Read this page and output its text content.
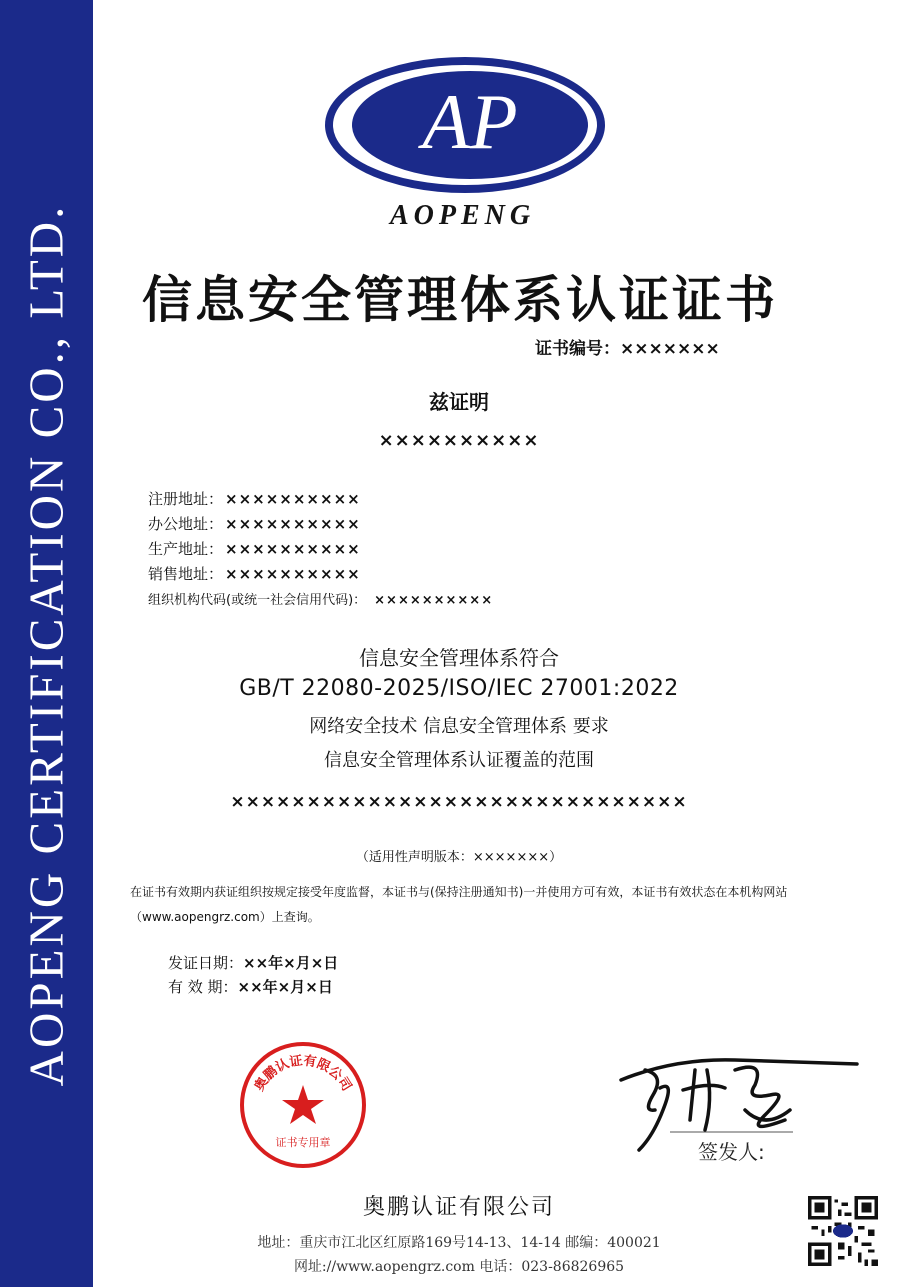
AOPENG CERTIFICATION CO., LTD.
AP
AOPENG
信息安全管理体系认证证书
证书编号：×××××××
兹证明
××××××××××
注册地址： ××××××××××
办公地址： ××××××××××
生产地址： ××××××××××
销售地址： ××××××××××
组织机构代码(或统一社会信用代码)： ××××××××××
信息安全管理体系符合
GB/T 22080-2025/ISO/IEC 27001:2022
网络安全技术 信息安全管理体系 要求
信息安全管理体系认证覆盖的范围
××××××××××××××××××××××××××××××
（适用性声明版本：×××××××）
在证书有效期内获证组织按规定接受年度监督，本证书与(保持注册通知书)一并使用方可有效，本证书有效状态在本机构网站（www.aopengrz.com）上查询。
发证日期：××年×月×日
有 效 期：××年×月×日
奥鹏认证有限公司
证书专用章	签发人:
奥鹏认证有限公司
地址：重庆市江北区红原路169号14-13、14-14 邮编：400021
网址://www.aopengrz.com 电话：023-86826965
